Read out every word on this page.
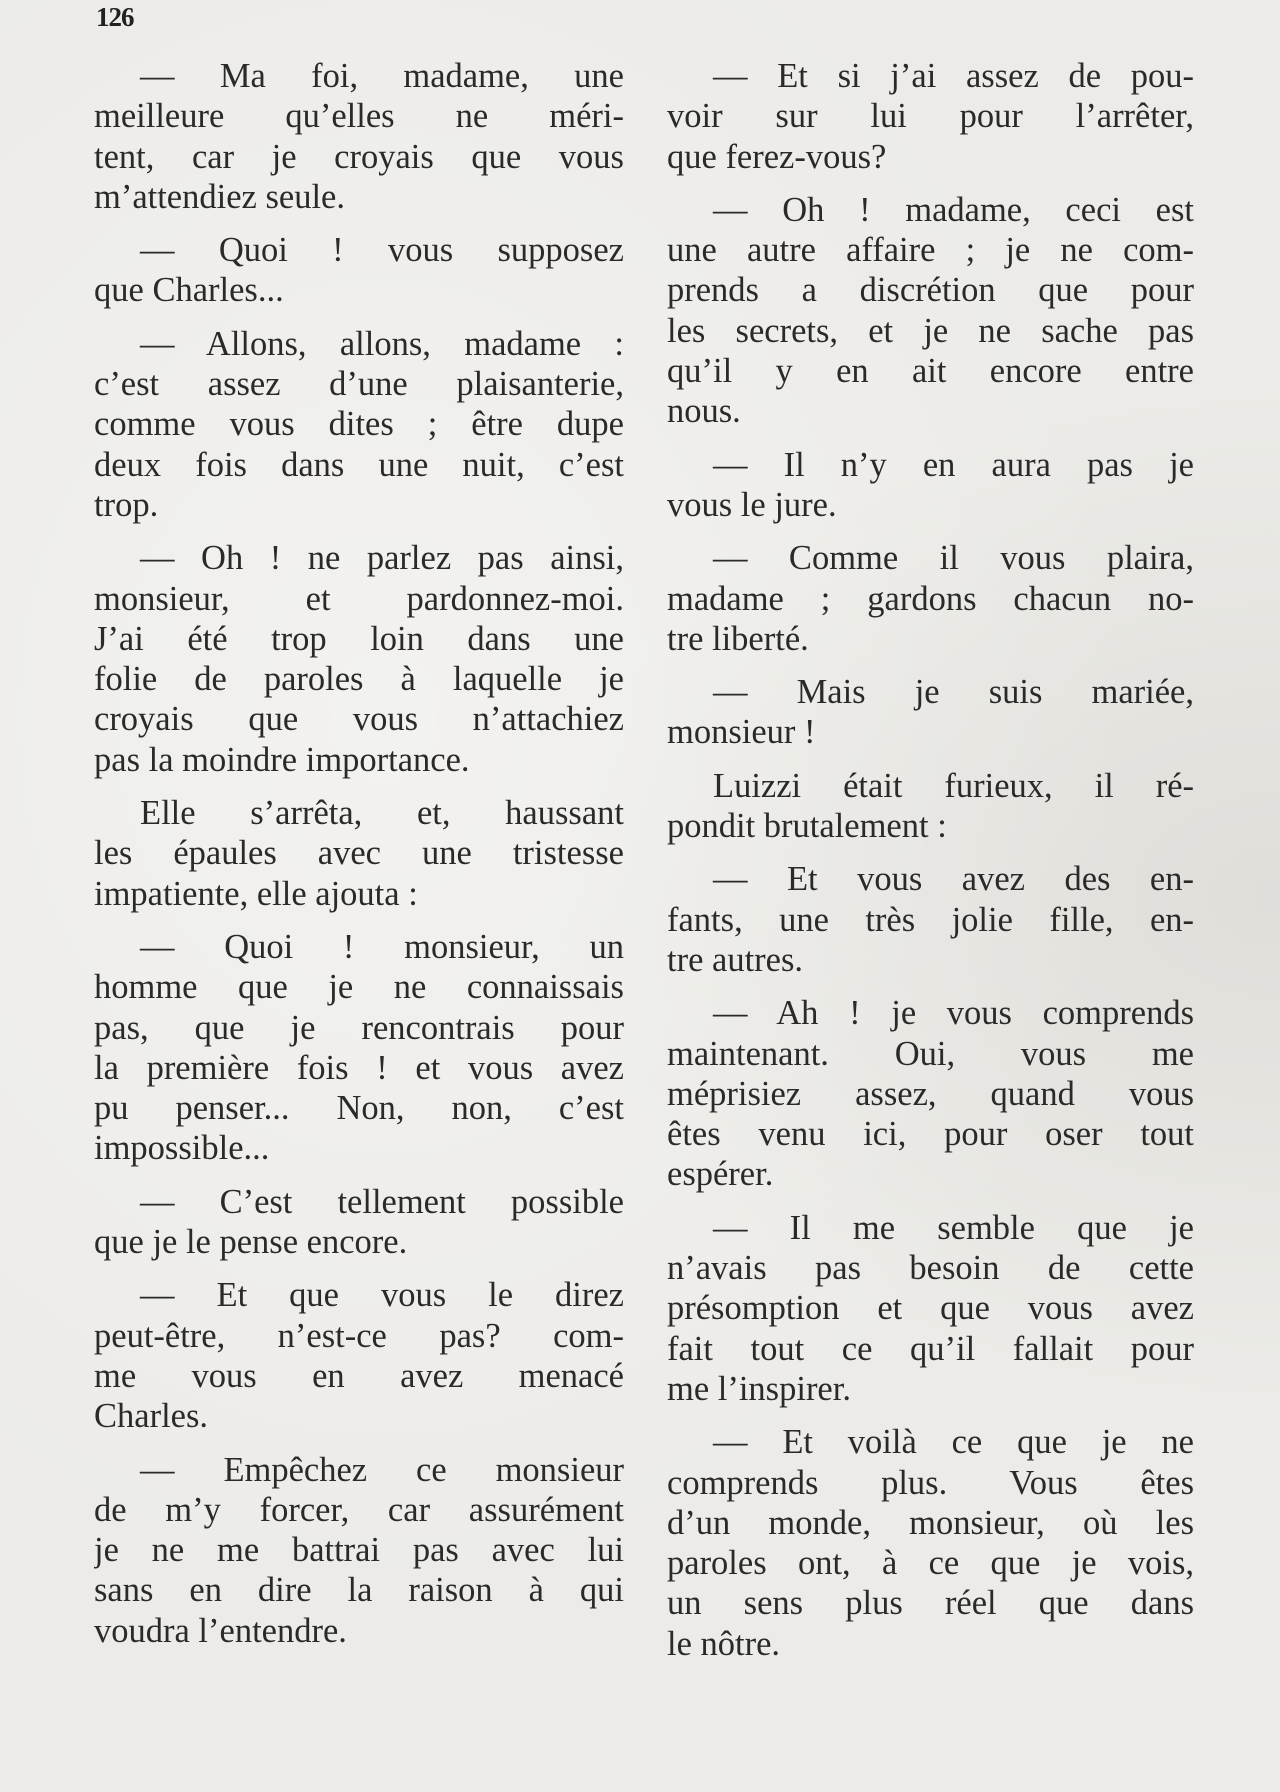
126
— Ma foi, madame, une
meilleure qu’elles ne méri-
tent, car je croyais que vous
m’attendiez seule.
— Quoi ! vous supposez
que Charles...
— Allons, allons, madame :
c’est assez d’une plaisanterie,
comme vous dites ; être dupe
deux fois dans une nuit, c’est
trop.
— Oh ! ne parlez pas ainsi,
monsieur, et pardonnez-moi.
J’ai été trop loin dans une
folie de paroles à laquelle je
croyais que vous n’attachiez
pas la moindre importance.
Elle s’arrêta, et, haussant
les épaules avec une tristesse
impatiente, elle ajouta :
— Quoi ! monsieur, un
homme que je ne connaissais
pas, que je rencontrais pour
la première fois ! et vous avez
pu penser... Non, non, c’est
impossible...
— C’est tellement possible
que je le pense encore.
— Et que vous le direz
peut-être, n’est-ce pas? com-
me vous en avez menacé
Charles.
— Empêchez ce monsieur
de m’y forcer, car assurément
je ne me battrai pas avec lui
sans en dire la raison à qui
voudra l’entendre.
— Et si j’ai assez de pou-
voir sur lui pour l’arrêter,
que ferez-vous?
— Oh ! madame, ceci est
une autre affaire ; je ne com-
prends a discrétion que pour
les secrets, et je ne sache pas
qu’il y en ait encore entre
nous.
— Il n’y en aura pas je
vous le jure.
— Comme il vous plaira,
madame ; gardons chacun no-
tre liberté.
— Mais je suis mariée,
monsieur !
Luizzi était furieux, il ré-
pondit brutalement :
— Et vous avez des en-
fants, une très jolie fille, en-
tre autres.
— Ah ! je vous comprends
maintenant. Oui, vous me
méprisiez assez, quand vous
êtes venu ici, pour oser tout
espérer.
— Il me semble que je
n’avais pas besoin de cette
présomption et que vous avez
fait tout ce qu’il fallait pour
me l’inspirer.
— Et voilà ce que je ne
comprends plus. Vous êtes
d’un monde, monsieur, où les
paroles ont, à ce que je vois,
un sens plus réel que dans
le nôtre.
